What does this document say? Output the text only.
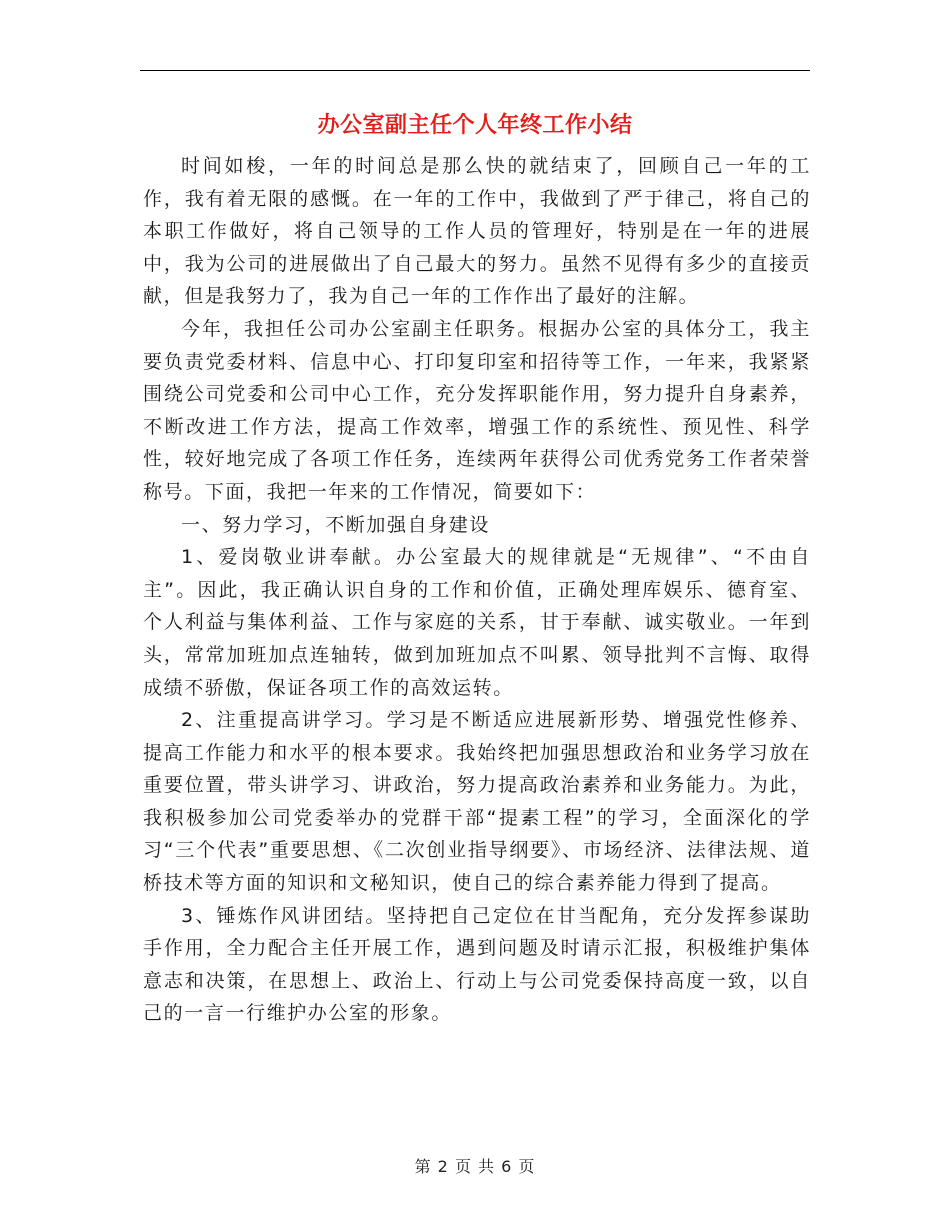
办公室副主任个人年终工作小结

时间如梭，一年的时间总是那么快的就结束了，回顾自己一年的工作，我有着无限的感慨。在一年的工作中，我做到了严于律己，将自己的本职工作做好，将自己领导的工作人员的管理好，特别是在一年的进展中，我为公司的进展做出了自己最大的努力。虽然不见得有多少的直接贡献，但是我努力了，我为自己一年的工作作出了最好的注解。

今年，我担任公司办公室副主任职务。根据办公室的具体分工，我主要负责党委材料、信息中心、打印复印室和招待等工作，一年来，我紧紧围绕公司党委和公司中心工作，充分发挥职能作用，努力提升自身素养，不断改进工作方法，提高工作效率，增强工作的系统性、预见性、科学性，较好地完成了各项工作任务，连续两年获得公司优秀党务工作者荣誉称号。下面，我把一年来的工作情况，简要如下：

一、努力学习，不断加强自身建设

1、爱岗敬业讲奉献。办公室最大的规律就是“无规律”、“不由自主”。因此，我正确认识自身的工作和价值，正确处理库娱乐、德育室、个人利益与集体利益、工作与家庭的关系，甘于奉献、诚实敬业。一年到头，常常加班加点连轴转，做到加班加点不叫累、领导批判不言悔、取得成绩不骄傲，保证各项工作的高效运转。

2、注重提高讲学习。学习是不断适应进展新形势、增强党性修养、提高工作能力和水平的根本要求。我始终把加强思想政治和业务学习放在重要位置，带头讲学习、讲政治，努力提高政治素养和业务能力。为此，我积极参加公司党委举办的党群干部“提素工程”的学习，全面深化的学习“三个代表”重要思想、《二次创业指导纲要》、市场经济、法律法规、道桥技术等方面的知识和文秘知识，使自己的综合素养能力得到了提高。

3、锤炼作风讲团结。坚持把自己定位在甘当配角，充分发挥参谋助手作用，全力配合主任开展工作，遇到问题及时请示汇报，积极维护集体意志和决策，在思想上、政治上、行动上与公司党委保持高度一致，以自己的一言一行维护办公室的形象。

第 2 页 共 6 页
